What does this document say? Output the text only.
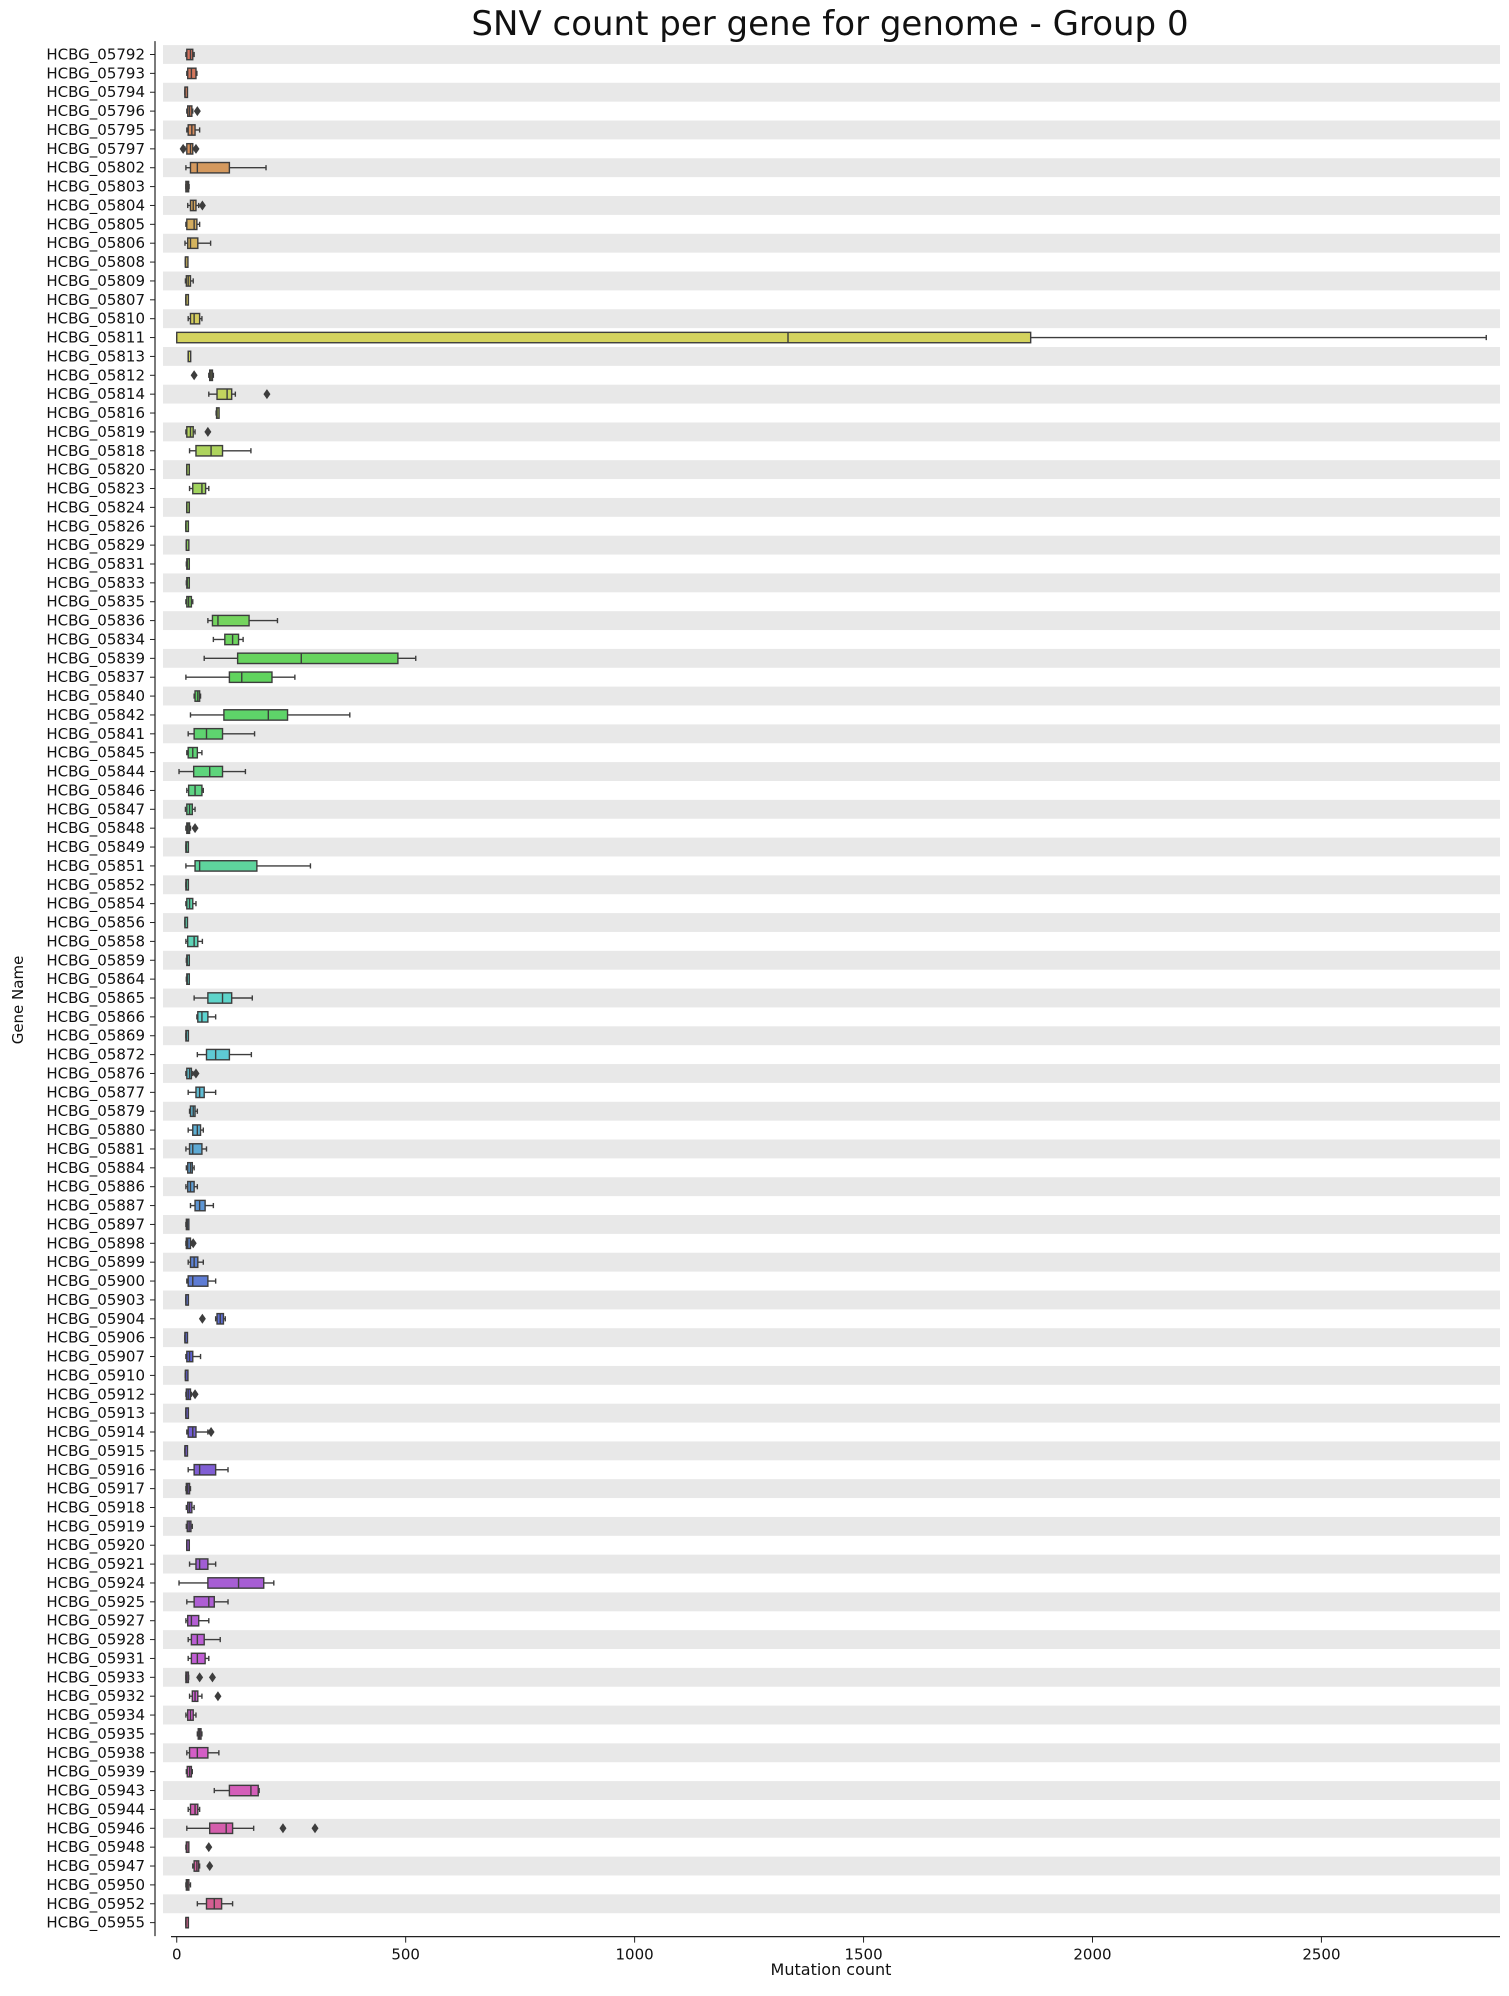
SNV count per gene for genome - Group 0
Gene Name
Mutation count
HCBG_05792
HCBG_05793
HCBG_05794
HCBG_05796
HCBG_05795
HCBG_05797
HCBG_05802
HCBG_05803
HCBG_05804
HCBG_05805
HCBG_05806
HCBG_05808
HCBG_05809
HCBG_05807
HCBG_05810
HCBG_05811
HCBG_05813
HCBG_05812
HCBG_05814
HCBG_05816
HCBG_05819
HCBG_05818
HCBG_05820
HCBG_05823
HCBG_05824
HCBG_05826
HCBG_05829
HCBG_05831
HCBG_05833
HCBG_05835
HCBG_05836
HCBG_05834
HCBG_05839
HCBG_05837
HCBG_05840
HCBG_05842
HCBG_05841
HCBG_05845
HCBG_05844
HCBG_05846
HCBG_05847
HCBG_05848
HCBG_05849
HCBG_05851
HCBG_05852
HCBG_05854
HCBG_05856
HCBG_05858
HCBG_05859
HCBG_05864
HCBG_05865
HCBG_05866
HCBG_05869
HCBG_05872
HCBG_05876
HCBG_05877
HCBG_05879
HCBG_05880
HCBG_05881
HCBG_05884
HCBG_05886
HCBG_05887
HCBG_05897
HCBG_05898
HCBG_05899
HCBG_05900
HCBG_05903
HCBG_05904
HCBG_05906
HCBG_05907
HCBG_05910
HCBG_05912
HCBG_05913
HCBG_05914
HCBG_05915
HCBG_05916
HCBG_05917
HCBG_05918
HCBG_05919
HCBG_05920
HCBG_05921
HCBG_05924
HCBG_05925
HCBG_05927
HCBG_05928
HCBG_05931
HCBG_05933
HCBG_05932
HCBG_05934
HCBG_05935
HCBG_05938
HCBG_05939
HCBG_05943
HCBG_05944
HCBG_05946
HCBG_05948
HCBG_05947
HCBG_05950
HCBG_05952
HCBG_05955
0	500	1000	1500	2000	2500
